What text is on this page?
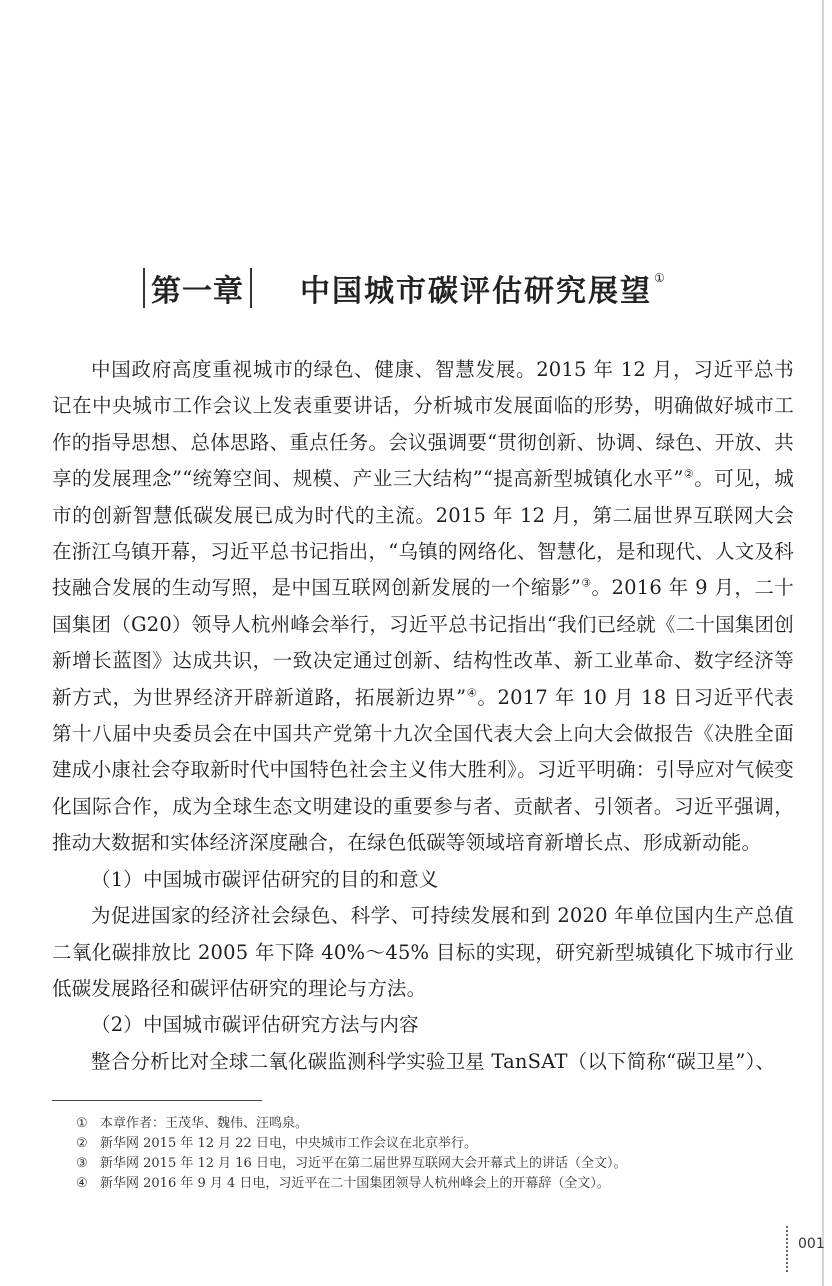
第一章 中国城市碳评估研究展望 ①

中国政府高度重视城市的绿色、健康、智慧发展。2015 年 12 月，习近平总书记在中央城市工作会议上发表重要讲话，分析城市发展面临的形势，明确做好城市工作的指导思想、总体思路、重点任务。会议强调要“贯彻创新、协调、绿色、开放、共享的发展理念”“统筹空间、规模、产业三大结构”“提高新型城镇化水平”②。可见，城市的创新智慧低碳发展已成为时代的主流。2015 年 12 月，第二届世界互联网大会在浙江乌镇开幕，习近平总书记指出，“乌镇的网络化、智慧化，是和现代、人文及科技融合发展的生动写照，是中国互联网创新发展的一个缩影”③。2016 年 9 月，二十国集团（G20）领导人杭州峰会举行，习近平总书记指出“我们已经就《二十国集团创新增长蓝图》达成共识，一致决定通过创新、结构性改革、新工业革命、数字经济等新方式，为世界经济开辟新道路，拓展新边界”④。2017 年 10 月 18 日习近平代表第十八届中央委员会在中国共产党第十九次全国代表大会上向大会做报告《决胜全面建成小康社会夺取新时代中国特色社会主义伟大胜利》。习近平明确：引导应对气候变化国际合作，成为全球生态文明建设的重要参与者、贡献者、引领者。习近平强调，推动大数据和实体经济深度融合，在绿色低碳等领域培育新增长点、形成新动能。

（1）中国城市碳评估研究的目的和意义

为促进国家的经济社会绿色、科学、可持续发展和到 2020 年单位国内生产总值二氧化碳排放比 2005 年下降 40%～45% 目标的实现，研究新型城镇化下城市行业低碳发展路径和碳评估研究的理论与方法。

（2）中国城市碳评估研究方法与内容

整合分析比对全球二氧化碳监测科学实验卫星 TanSAT（以下简称“碳卫星”）、

① 本章作者：王茂华、魏伟、汪鸣泉。

② 新华网 2015 年 12 月 22 日电，中央城市工作会议在北京举行。

③ 新华网 2015 年 12 月 16 日电，习近平在第二届世界互联网大会开幕式上的讲话（全文）。

④ 新华网 2016 年 9 月 4 日电，习近平在二十国集团领导人杭州峰会上的开幕辞（全文）。

001
